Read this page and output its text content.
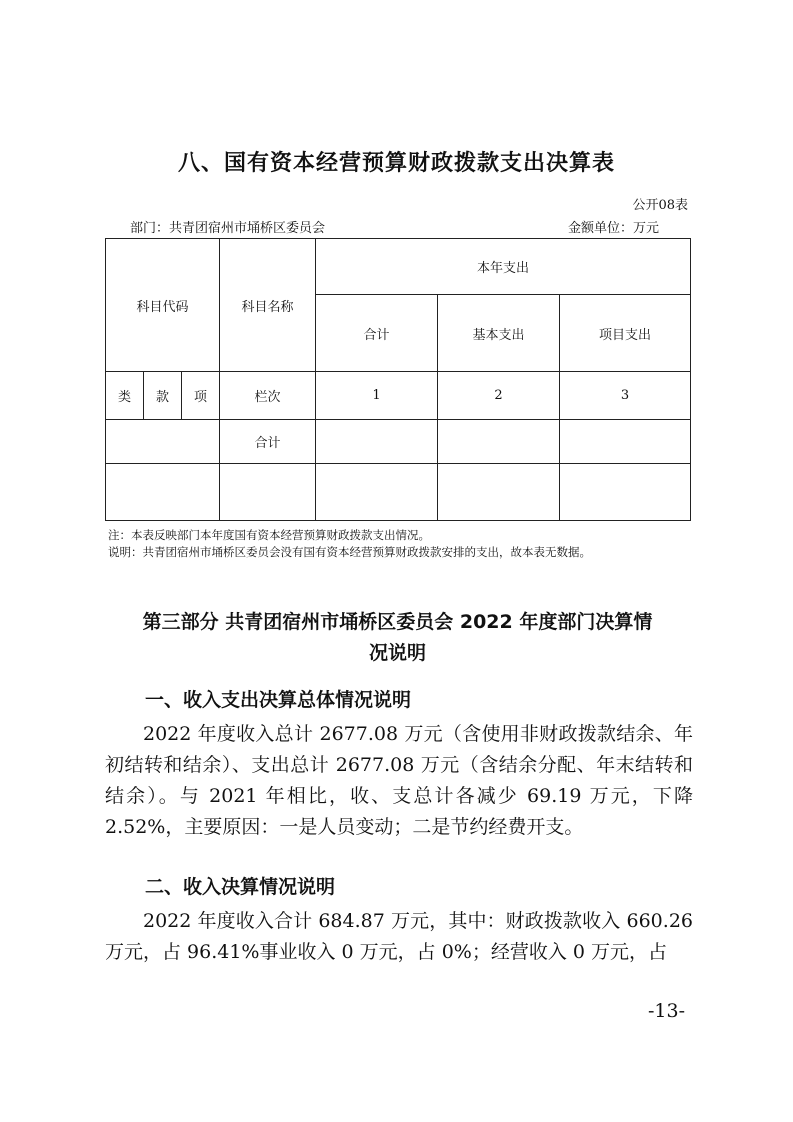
八、国有资本经营预算财政拨款支出决算表
公开08表
部门：共青团宿州市埇桥区委员会	金额单位：万元
科目代码			科目名称	本年支出		
				合计	基本支出	项目支出
类	款	项	栏次	1	2	3
			合计			

注：本表反映部门本年度国有资本经营预算财政拨款支出情况。
说明：共青团宿州市埇桥区委员会没有国有资本经营预算财政拨款安排的支出，故本表无数据。
第三部分 共青团宿州市埇桥区委员会 2022 年度部门决算情
况说明
一、收入支出决算总体情况说明
2022 年度收入总计 2677.08 万元（含使用非财政拨款结余、年初结转和结余）、支出总计 2677.08 万元（含结余分配、年末结转和结余）。与 2021 年相比，收、支总计各减少 69.19 万元，下降 2.52%，主要原因：一是人员变动；二是节约经费开支。
二、收入决算情况说明
2022 年度收入合计 684.87 万元，其中：财政拨款收入 660.26 万元，占 96.41%事业收入 0 万元，占 0%；经营收入 0 万元，占
-13-
